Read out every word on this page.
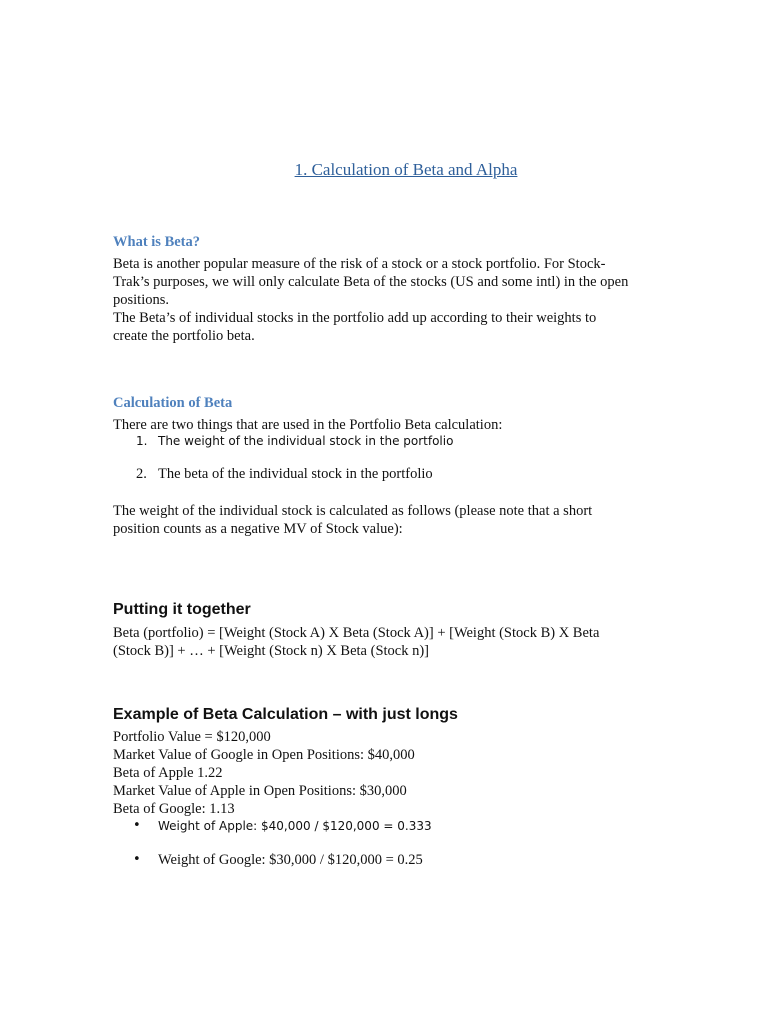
1. Calculation of Beta and Alpha
What is Beta?
Beta is another popular measure of the risk of a stock or a stock portfolio. For Stock-
Trak’s purposes, we will only calculate Beta of the stocks (US and some intl) in the open
positions.
The Beta’s of individual stocks in the portfolio add up according to their weights to
create the portfolio beta.
Calculation of Beta
There are two things that are used in the Portfolio Beta calculation:
1. The weight of the individual stock in the portfolio
2. The beta of the individual stock in the portfolio
The weight of the individual stock is calculated as follows (please note that a short
position counts as a negative MV of Stock value):
Putting it together
Beta (portfolio) = [Weight (Stock A) X Beta (Stock A)] + [Weight (Stock B) X Beta
(Stock B)] + … + [Weight (Stock n) X Beta (Stock n)]
Example of Beta Calculation – with just longs
Portfolio Value = $120,000
Market Value of Google in Open Positions: $40,000
Beta of Apple 1.22
Market Value of Apple in Open Positions: $30,000
Beta of Google: 1.13
• Weight of Apple: $40,000 / $120,000 = 0.333
• Weight of Google: $30,000 / $120,000 = 0.25
